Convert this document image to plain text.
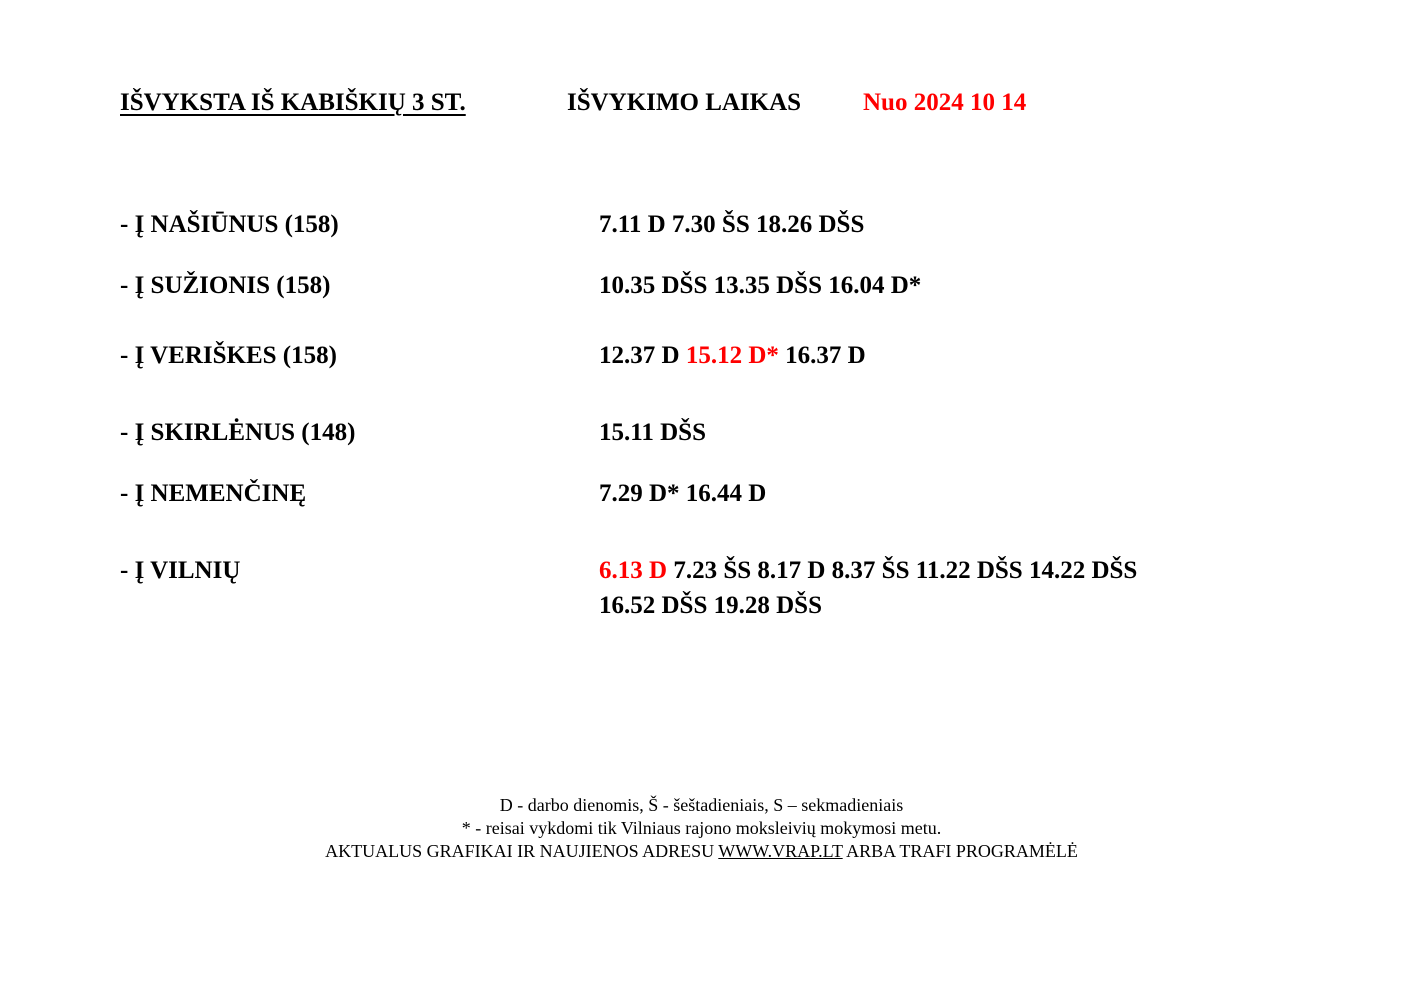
IŠVYKSTA IŠ KABIŠKIŲ 3 ST.	IŠVYKIMO LAIKAS Nuo 2024 10 14
- Į NAŠIŪNUS (158)	7.11 D 7.30 ŠS 18.26 DŠS
- Į SUŽIONIS (158)	10.35 DŠS 13.35 DŠS 16.04 D*
- Į VERIŠKES (158)	12.37 D 15.12 D* 16.37 D
- Į SKIRLĖNUS (148)	15.11 DŠS
- Į NEMENČINĘ	7.29 D* 16.44 D
- Į VILNIŲ	6.13 D 7.23 ŠS 8.17 D 8.37 ŠS 11.22 DŠS 14.22 DŠS
16.52 DŠS 19.28 DŠS
D - darbo dienomis, Š - šeštadieniais, S – sekmadieniais
* - reisai vykdomi tik Vilniaus rajono moksleivių mokymosi metu.
AKTUALUS GRAFIKAI IR NAUJIENOS ADRESU WWW.VRAP.LT ARBA TRAFI PROGRAMĖLĖ
